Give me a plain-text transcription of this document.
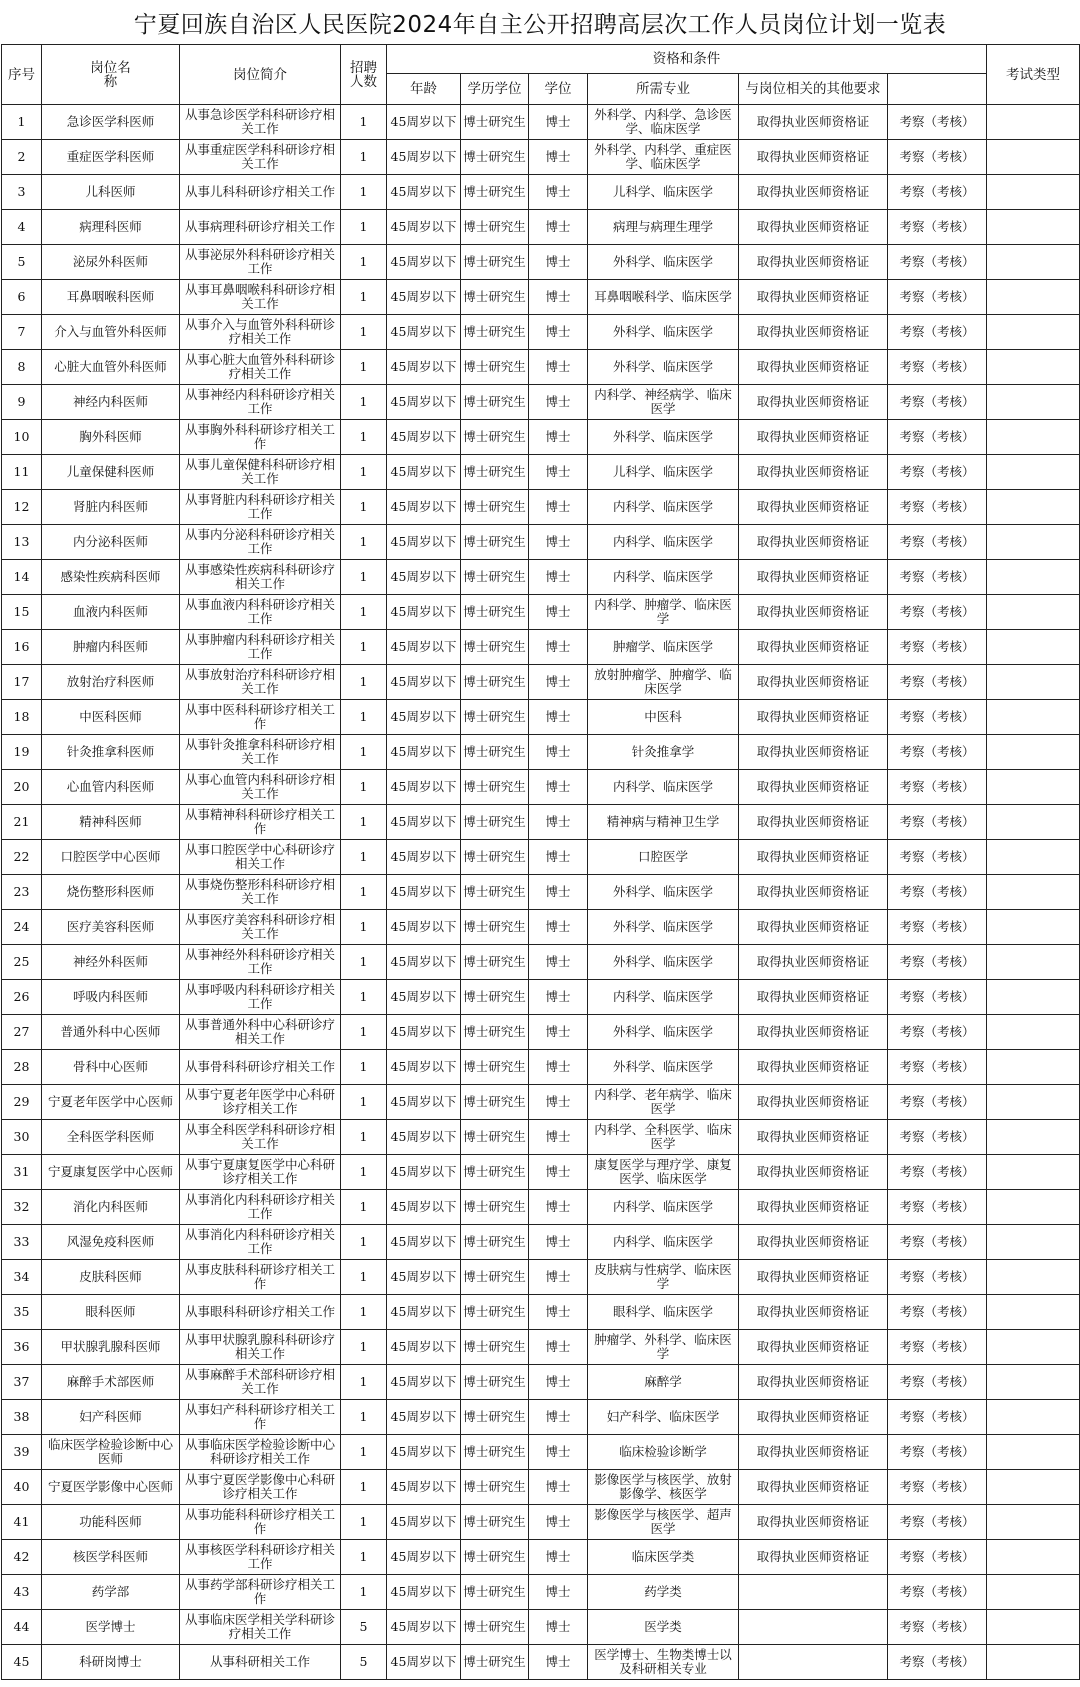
宁夏回族自治区人民医院2024年自主公开招聘高层次工作人员岗位计划一览表
序号	岗位名称	岗位简介	招聘人数	资格和条件						考试类型	
				年龄	学历学位	学位	所需专业	与岗位相关的其他要求			
1	急诊医学科医师	从事急诊医学科科研诊疗相关工作	1	45周岁以下	博士研究生	博士	外科学、内科学、急诊医学、临床医学	取得执业医师资格证	考察（考核）		
2	重症医学科医师	从事重症医学科科研诊疗相关工作	1	45周岁以下	博士研究生	博士	外科学、内科学、重症医学、临床医学	取得执业医师资格证	考察（考核）		
3	儿科医师	从事儿科科研诊疗相关工作	1	45周岁以下	博士研究生	博士	儿科学、临床医学	取得执业医师资格证	考察（考核）		
4	病理科医师	从事病理科研诊疗相关工作	1	45周岁以下	博士研究生	博士	病理与病理生理学	取得执业医师资格证	考察（考核）		
5	泌尿外科医师	从事泌尿外科科研诊疗相关工作	1	45周岁以下	博士研究生	博士	外科学、临床医学	取得执业医师资格证	考察（考核）		
6	耳鼻咽喉科医师	从事耳鼻咽喉科科研诊疗相关工作	1	45周岁以下	博士研究生	博士	耳鼻咽喉科学、临床医学	取得执业医师资格证	考察（考核）		
7	介入与血管外科医师	从事介入与血管外科科研诊疗相关工作	1	45周岁以下	博士研究生	博士	外科学、临床医学	取得执业医师资格证	考察（考核）		
8	心脏大血管外科医师	从事心脏大血管外科科研诊疗相关工作	1	45周岁以下	博士研究生	博士	外科学、临床医学	取得执业医师资格证	考察（考核）		
9	神经内科医师	从事神经内科科研诊疗相关工作	1	45周岁以下	博士研究生	博士	内科学、神经病学、临床医学	取得执业医师资格证	考察（考核）		
10	胸外科医师	从事胸外科科研诊疗相关工作	1	45周岁以下	博士研究生	博士	外科学、临床医学	取得执业医师资格证	考察（考核）		
11	儿童保健科医师	从事儿童保健科科研诊疗相关工作	1	45周岁以下	博士研究生	博士	儿科学、临床医学	取得执业医师资格证	考察（考核）		
12	肾脏内科医师	从事肾脏内科科研诊疗相关工作	1	45周岁以下	博士研究生	博士	内科学、临床医学	取得执业医师资格证	考察（考核）		
13	内分泌科医师	从事内分泌科科研诊疗相关工作	1	45周岁以下	博士研究生	博士	内科学、临床医学	取得执业医师资格证	考察（考核）		
14	感染性疾病科医师	从事感染性疾病科科研诊疗相关工作	1	45周岁以下	博士研究生	博士	内科学、临床医学	取得执业医师资格证	考察（考核）		
15	血液内科医师	从事血液内科科研诊疗相关工作	1	45周岁以下	博士研究生	博士	内科学、肿瘤学、临床医学	取得执业医师资格证	考察（考核）		
16	肿瘤内科医师	从事肿瘤内科科研诊疗相关工作	1	45周岁以下	博士研究生	博士	肿瘤学、临床医学	取得执业医师资格证	考察（考核）		
17	放射治疗科医师	从事放射治疗科科研诊疗相关工作	1	45周岁以下	博士研究生	博士	放射肿瘤学、肿瘤学、临床医学	取得执业医师资格证	考察（考核）		
18	中医科医师	从事中医科科研诊疗相关工作	1	45周岁以下	博士研究生	博士	中医科	取得执业医师资格证	考察（考核）		
19	针灸推拿科医师	从事针灸推拿科科研诊疗相关工作	1	45周岁以下	博士研究生	博士	针灸推拿学	取得执业医师资格证	考察（考核）		
20	心血管内科医师	从事心血管内科科研诊疗相关工作	1	45周岁以下	博士研究生	博士	内科学、临床医学	取得执业医师资格证	考察（考核）		
21	精神科医师	从事精神科科研诊疗相关工作	1	45周岁以下	博士研究生	博士	精神病与精神卫生学	取得执业医师资格证	考察（考核）		
22	口腔医学中心医师	从事口腔医学中心科研诊疗相关工作	1	45周岁以下	博士研究生	博士	口腔医学	取得执业医师资格证	考察（考核）		
23	烧伤整形科医师	从事烧伤整形科科研诊疗相关工作	1	45周岁以下	博士研究生	博士	外科学、临床医学	取得执业医师资格证	考察（考核）		
24	医疗美容科医师	从事医疗美容科科研诊疗相关工作	1	45周岁以下	博士研究生	博士	外科学、临床医学	取得执业医师资格证	考察（考核）		
25	神经外科医师	从事神经外科科研诊疗相关工作	1	45周岁以下	博士研究生	博士	外科学、临床医学	取得执业医师资格证	考察（考核）		
26	呼吸内科医师	从事呼吸内科科研诊疗相关工作	1	45周岁以下	博士研究生	博士	内科学、临床医学	取得执业医师资格证	考察（考核）		
27	普通外科中心医师	从事普通外科中心科研诊疗相关工作	1	45周岁以下	博士研究生	博士	外科学、临床医学	取得执业医师资格证	考察（考核）		
28	骨科中心医师	从事骨科科研诊疗相关工作	1	45周岁以下	博士研究生	博士	外科学、临床医学	取得执业医师资格证	考察（考核）		
29	宁夏老年医学中心医师	从事宁夏老年医学中心科研诊疗相关工作	1	45周岁以下	博士研究生	博士	内科学、老年病学、临床医学	取得执业医师资格证	考察（考核）		
30	全科医学科医师	从事全科医学科科研诊疗相关工作	1	45周岁以下	博士研究生	博士	内科学、全科医学、临床医学	取得执业医师资格证	考察（考核）		
31	宁夏康复医学中心医师	从事宁夏康复医学中心科研诊疗相关工作	1	45周岁以下	博士研究生	博士	康复医学与理疗学、康复医学、临床医学	取得执业医师资格证	考察（考核）		
32	消化内科医师	从事消化内科科研诊疗相关工作	1	45周岁以下	博士研究生	博士	内科学、临床医学	取得执业医师资格证	考察（考核）		
33	风湿免疫科医师	从事消化内科科研诊疗相关工作	1	45周岁以下	博士研究生	博士	内科学、临床医学	取得执业医师资格证	考察（考核）		
34	皮肤科医师	从事皮肤科科研诊疗相关工作	1	45周岁以下	博士研究生	博士	皮肤病与性病学、临床医学	取得执业医师资格证	考察（考核）		
35	眼科医师	从事眼科科研诊疗相关工作	1	45周岁以下	博士研究生	博士	眼科学、临床医学	取得执业医师资格证	考察（考核）		
36	甲状腺乳腺科医师	从事甲状腺乳腺科科研诊疗相关工作	1	45周岁以下	博士研究生	博士	肿瘤学、外科学、临床医学	取得执业医师资格证	考察（考核）		
37	麻醉手术部医师	从事麻醉手术部科研诊疗相关工作	1	45周岁以下	博士研究生	博士	麻醉学	取得执业医师资格证	考察（考核）		
38	妇产科医师	从事妇产科科研诊疗相关工作	1	45周岁以下	博士研究生	博士	妇产科学、临床医学	取得执业医师资格证	考察（考核）		
39	临床医学检验诊断中心医师	从事临床医学检验诊断中心科研诊疗相关工作	1	45周岁以下	博士研究生	博士	临床检验诊断学	取得执业医师资格证	考察（考核）		
40	宁夏医学影像中心医师	从事宁夏医学影像中心科研诊疗相关工作	1	45周岁以下	博士研究生	博士	影像医学与核医学、放射影像学、核医学	取得执业医师资格证	考察（考核）		
41	功能科医师	从事功能科科研诊疗相关工作	1	45周岁以下	博士研究生	博士	影像医学与核医学、超声医学	取得执业医师资格证	考察（考核）		
42	核医学科医师	从事核医学科科研诊疗相关工作	1	45周岁以下	博士研究生	博士	临床医学类	取得执业医师资格证	考察（考核）		
43	药学部	从事药学部科研诊疗相关工作	1	45周岁以下	博士研究生	博士	药学类		考察（考核）		
44	医学博士	从事临床医学相关学科研诊疗相关工作	5	45周岁以下	博士研究生	博士	医学类		考察（考核）		
45	科研岗博士	从事科研相关工作	5	45周岁以下	博士研究生	博士	医学博士、生物类博士以及科研相关专业		考察（考核）		
